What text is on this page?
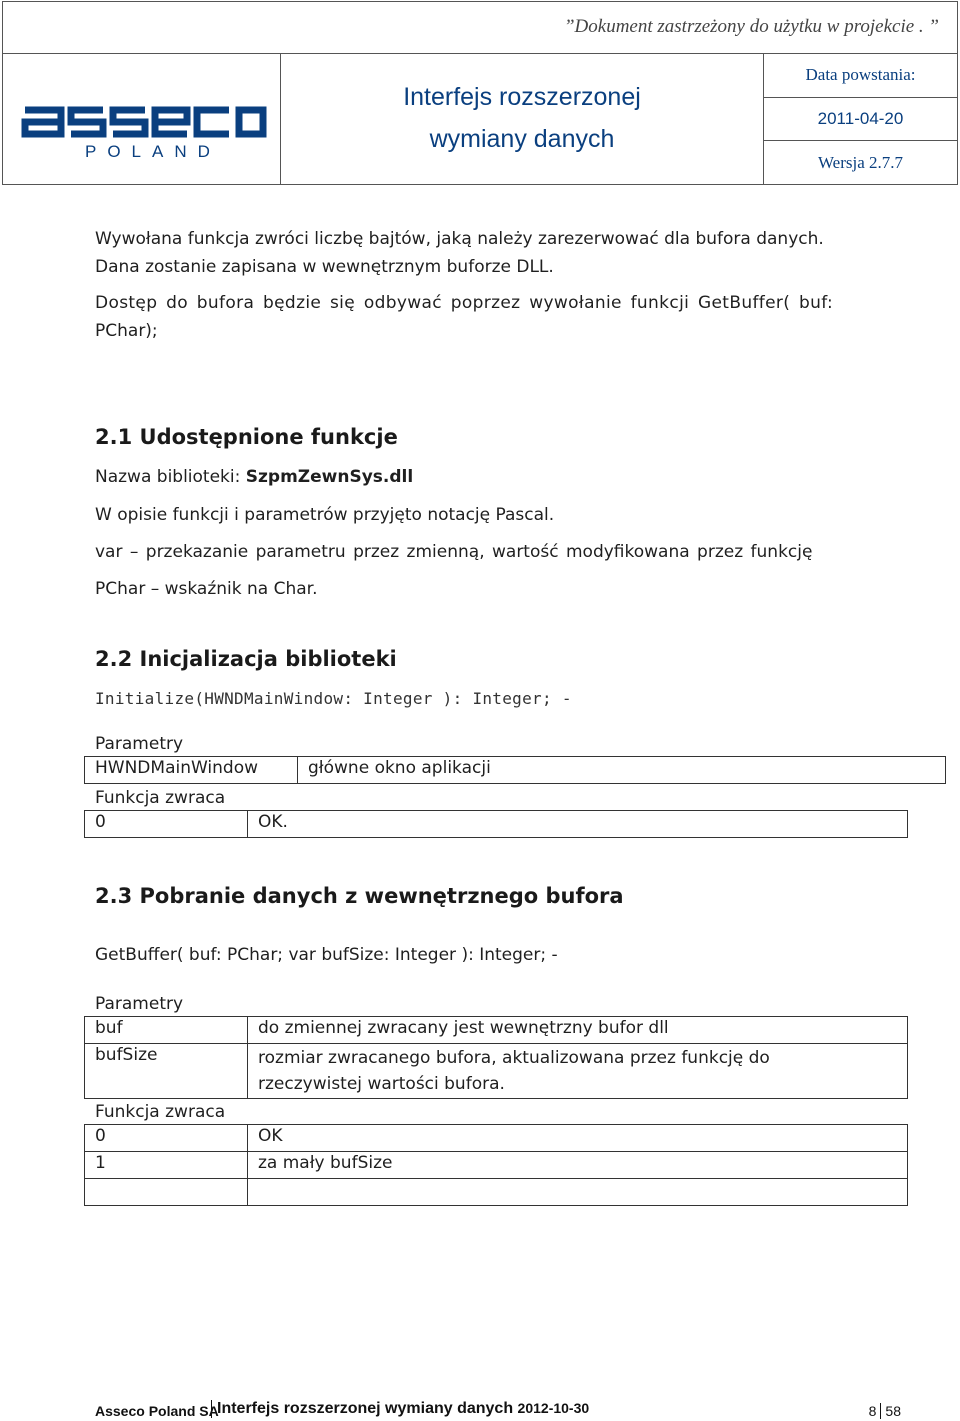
”Dokument zastrzeżony do użytku w projekcie . ”
POLAND
Interfejs rozszerzonej
wymiany danych
Data powstania:
2011-04-20
Wersja 2.7.7
Wywołana funkcja zwróci liczbę bajtów, jaką należy zarezerwować dla bufora danych.
Dana zostanie zapisana w wewnętrznym buforze DLL.
Dostęp do bufora będzie się odbywać poprzez wywołanie funkcji GetBuffer( buf:
PChar);
2.1 Udostępnione funkcje
Nazwa biblioteki: SzpmZewnSys.dll
W opisie funkcji i parametrów przyjęto notację Pascal.
var – przekazanie parametru przez zmienną, wartość modyfikowana przez funkcję
PChar – wskaźnik na Char.
2.2 Inicjalizacja biblioteki
Initialize(HWNDMainWindow: Integer ): Integer; -
Parametry
HWNDMainWindow	główne okno aplikacji
Funkcja zwraca
0	OK.
2.3 Pobranie danych z wewnętrznego bufora
GetBuffer( buf: PChar; var bufSize: Integer ): Integer; -
Parametry
buf	do zmiennej zwracany jest wewnętrzny bufor dll
bufSize	rozmiar zwracanego bufora, aktualizowana przez funkcję do
rzeczywistej wartości bufora.
Funkcja zwraca
0	OK
1	za mały bufSize

Asseco Poland SA
Interfejs rozszerzonej wymiany danych 2012-10-30	8 58
